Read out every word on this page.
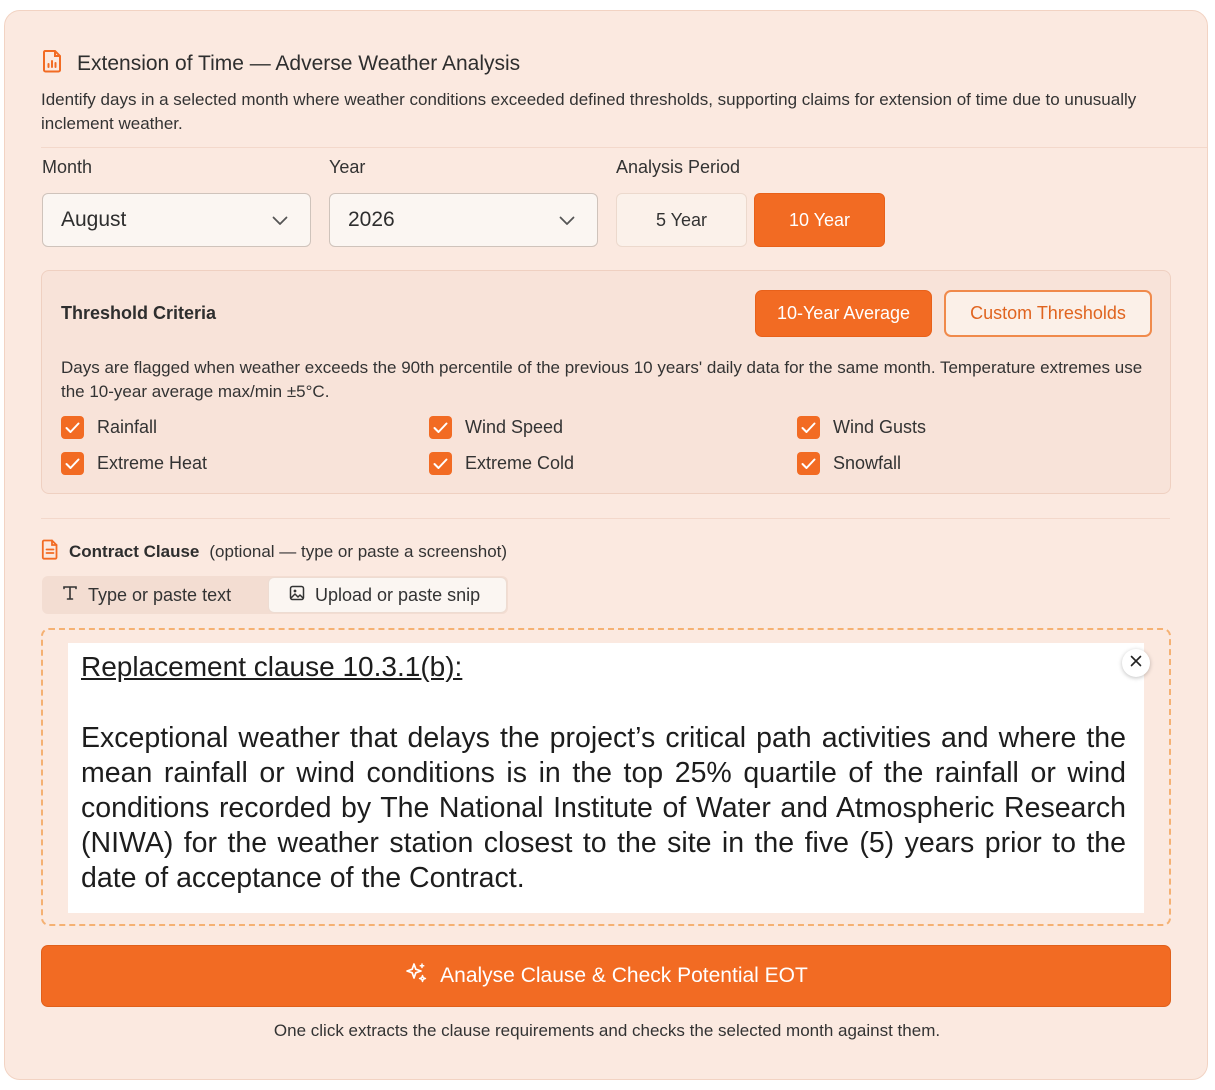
Extension of Time — Adverse Weather Analysis
Identify days in a selected month where weather conditions exceeded defined thresholds, supporting claims for extension of time due to unusually inclement weather.
Month
August
Year
2026
Analysis Period
5 Year	10 Year
Threshold Criteria	10-Year Average	Custom Thresholds
Days are flagged when weather exceeds the 90th percentile of the previous 10 years' daily data for the same month. Temperature extremes use the 10-year average max/min ±5°C.
Rainfall	Wind Speed	Wind Gusts
Extreme Heat	Extreme Cold	Snowfall
Contract Clause (optional — type or paste a screenshot)
Type or paste text	Upload or paste snip
Replacement clause 10.3.1(b):
Exceptional weather that delays the project’s critical path activities and where the mean rainfall or wind conditions is in the top 25% quartile of the rainfall or wind conditions recorded by The National Institute of Water and Atmospheric Research (NIWA) for the weather station closest to the site in the five (5) years prior to the date of acceptance of the Contract.
Analyse Clause & Check Potential EOT
One click extracts the clause requirements and checks the selected month against them.
